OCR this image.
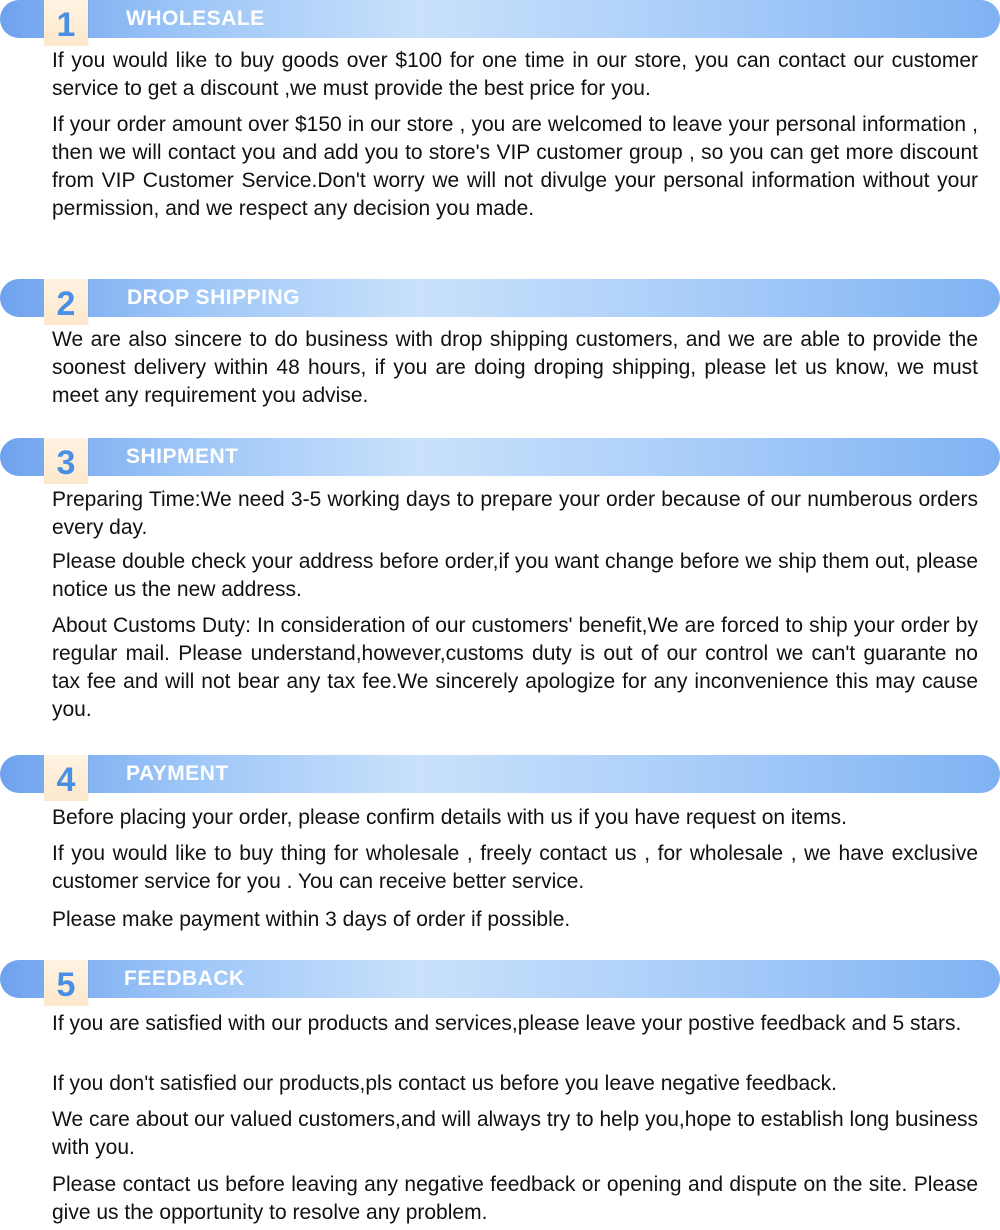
1	WHOLESALE
If you would like to buy goods over $100 for one time in our store, you can contact our customer service to get a discount ,we must provide the best price for you.
If your order amount over $150 in our store , you are welcomed to leave your personal information , then we will contact you and add you to store's VIP customer group , so you can get more discount from VIP Customer Service.Don't worry we will not divulge your personal information without your permission, and we respect any decision you made.
2	DROP SHIPPING
We are also sincere to do business with drop shipping customers, and we are able to provide the soonest delivery within 48 hours, if you are doing droping shipping, please let us know, we must meet any requirement you advise.
3	SHIPMENT
Preparing Time:We need 3-5 working days to prepare your order because of our numberous orders every day.
Please double check your address before order,if you want change before we ship them out, please notice us the new address.
About Customs Duty: In consideration of our customers' benefit,We are forced to ship your order by regular mail. Please understand,however,customs duty is out of our control we can't guarante no tax fee and will not bear any tax fee.We sincerely apologize for any inconvenience this may cause you.
4	PAYMENT
Before placing your order, please confirm details with us if you have request on items.
If you would like to buy thing for wholesale , freely contact us , for wholesale , we have exclusive customer service for you . You can receive better service.
Please make payment within 3 days of order if possible.
5	FEEDBACK
If you are satisfied with our products and services,please leave your postive feedback and 5 stars.
If you don't satisfied our products,pls contact us before you leave negative feedback.
We care about our valued customers,and will always try to help you,hope to establish long business with you.
Please contact us before leaving any negative feedback or opening and dispute on the site. Please give us the opportunity to resolve any problem.
